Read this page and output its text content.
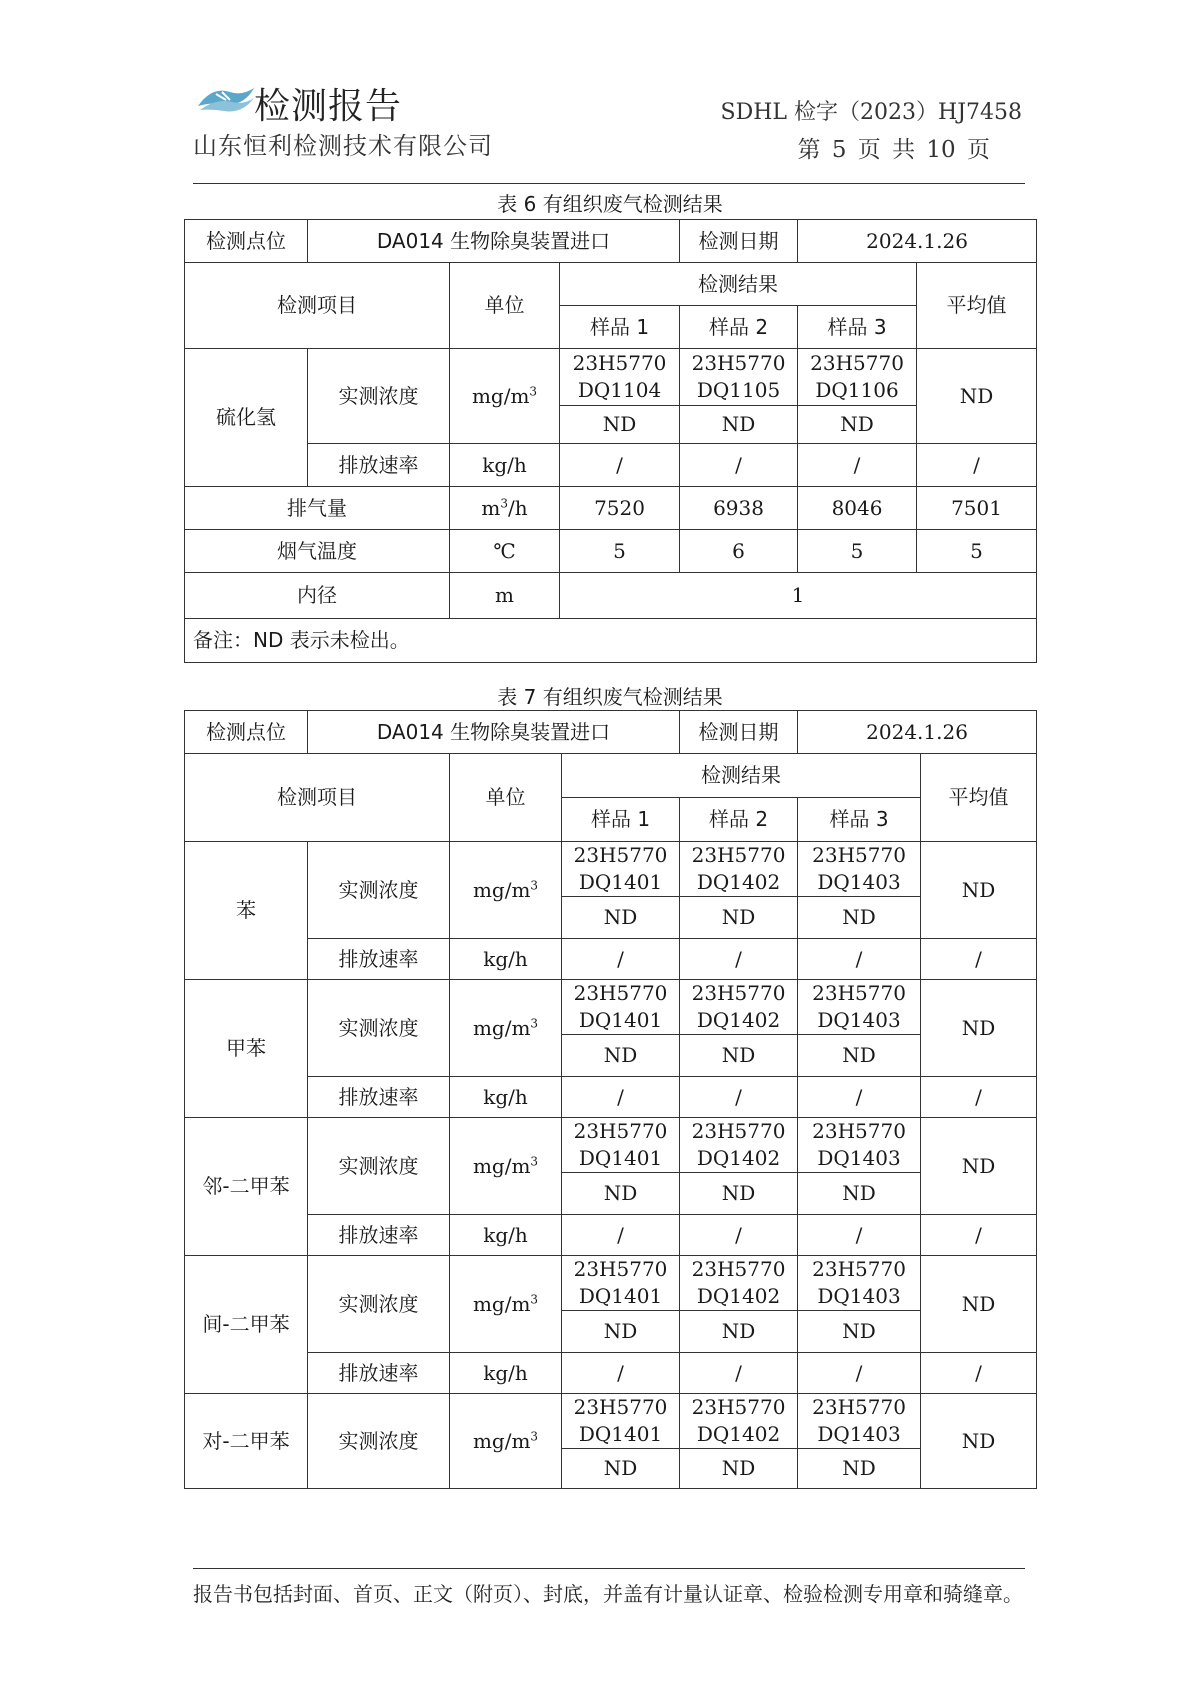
检测报告
山东恒利检测技术有限公司
SDHL 检字（2023）HJ7458
第 5 页 共 10 页
表 6 有组织废气检测结果
检测点位	DA014 生物除臭装置进口			检测日期	2024.1.26	
检测项目		单位	检测结果			平均值
			样品 1	样品 2	样品 3	
硫化氢	实测浓度	$mg/m^3$	23H5770 DQ1104	23H5770 DQ1105	23H5770 DQ1106	ND
			ND	ND	ND	
	排放速率	kg/h	/	/	/	/
排气量		$m^3/h$	7520	6938	8046	7501
烟气温度		℃	5	6	5	5
内径		m	1			
备注：ND 表示未检出。						
表 7 有组织废气检测结果
检测点位	DA014 生物除臭装置进口			检测日期	2024.1.26	
检测项目		单位	检测结果			平均值
			样品 1	样品 2	样品 3	
苯	实测浓度	$mg/m^3$	23H5770 DQ1401	23H5770 DQ1402	23H5770 DQ1403	ND
			ND	ND	ND	
	排放速率	kg/h	/	/	/	/
甲苯	实测浓度	$mg/m^3$	23H5770 DQ1401	23H5770 DQ1402	23H5770 DQ1403	ND
			ND	ND	ND	
	排放速率	kg/h	/	/	/	/
邻-二甲苯	实测浓度	$mg/m^3$	23H5770 DQ1401	23H5770 DQ1402	23H5770 DQ1403	ND
			ND	ND	ND	
	排放速率	kg/h	/	/	/	/
间-二甲苯	实测浓度	$mg/m^3$	23H5770 DQ1401	23H5770 DQ1402	23H5770 DQ1403	ND
			ND	ND	ND	
	排放速率	kg/h	/	/	/	/
对-二甲苯	实测浓度	$mg/m^3$	23H5770 DQ1401	23H5770 DQ1402	23H5770 DQ1403	ND
			ND	ND	ND	
报告书包括封面、首页、正文（附页）、封底，并盖有计量认证章、检验检测专用章和骑缝章。
